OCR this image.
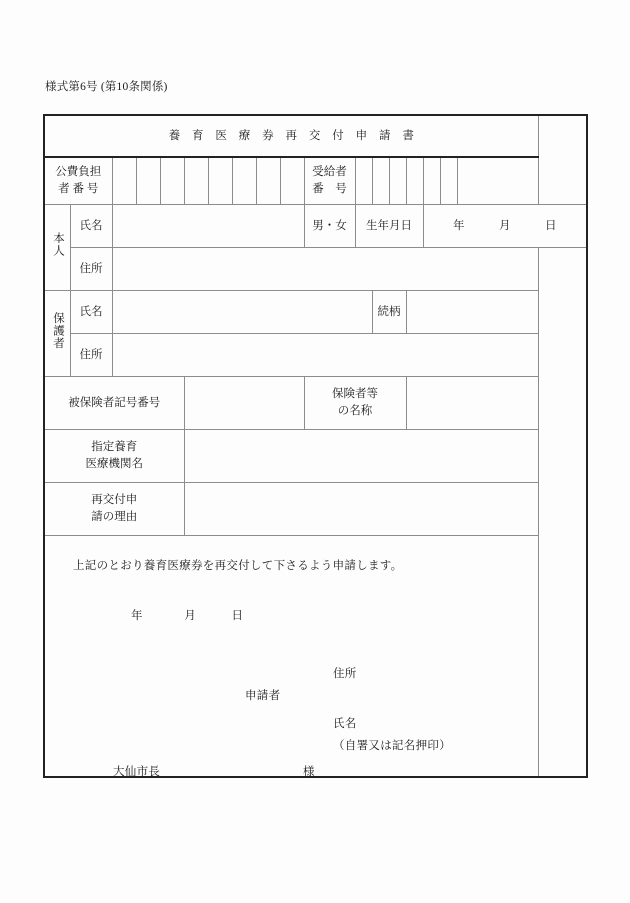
様式第6号 (第10条関係)
養 育 医 療 券 再 交 付 申 請 書																	

公費負担
者 番 号										受給者
番　号							

本人	氏名									男・女	生年月日				年　　　月　　　日		
	住所																
保護者	氏名											続柄					
	住所																
被保険者記号番号										保険者等
の名称							

指定養育
医療機関名																	

再交付申
請の理由																	

上記のとおり養育医療券を再交付して下さるよう申請します。
年	月	日
住所
申請者
氏名
（自署又は記名押印）
大仙市長	様
